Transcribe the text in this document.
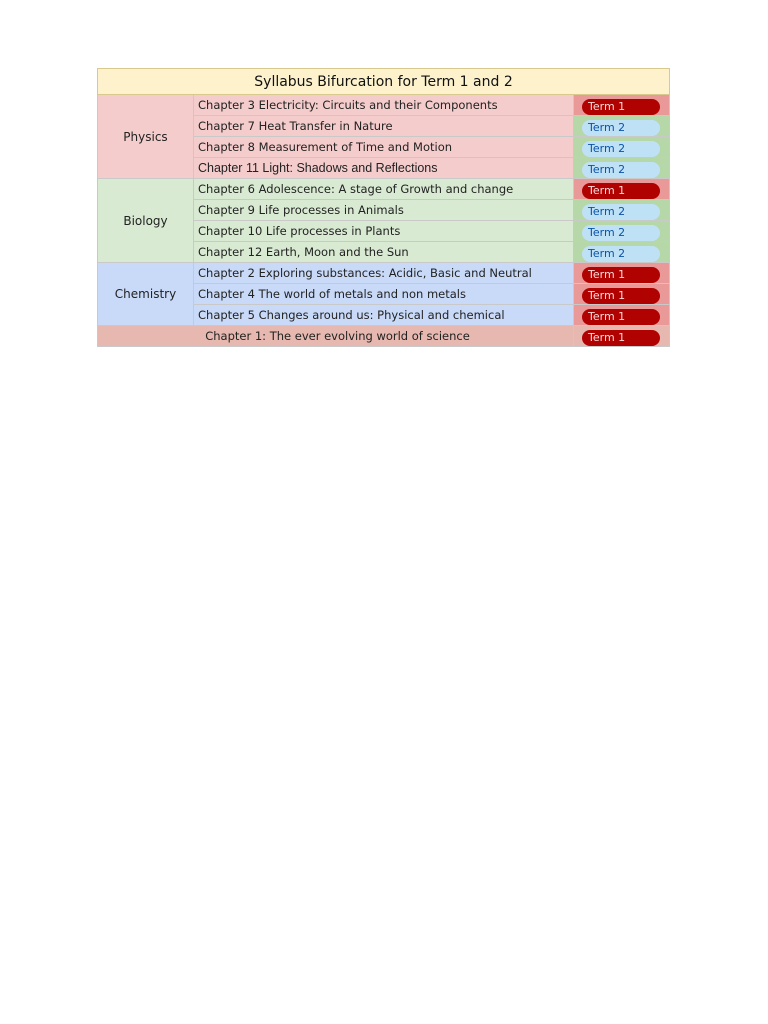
Syllabus Bifurcation for Term 1 and 2		
Physics	Chapter 3 Electricity: Circuits and their Components	Term 1
	Chapter 7 Heat Transfer in Nature	Term 2
	Chapter 8 Measurement of Time and Motion	Term 2
	Chapter 11 Light: Shadows and Reflections	Term 2
Biology	Chapter 6 Adolescence: A stage of Growth and change	Term 1
	Chapter 9 Life processes in Animals	Term 2
	Chapter 10 Life processes in Plants	Term 2
	Chapter 12 Earth, Moon and the Sun	Term 2
Chemistry	Chapter 2 Exploring substances: Acidic, Basic and Neutral	Term 1
	Chapter 4 The world of metals and non metals	Term 1
	Chapter 5 Changes around us: Physical and chemical	Term 1
Chapter 1: The ever evolving world of science		Term 1
